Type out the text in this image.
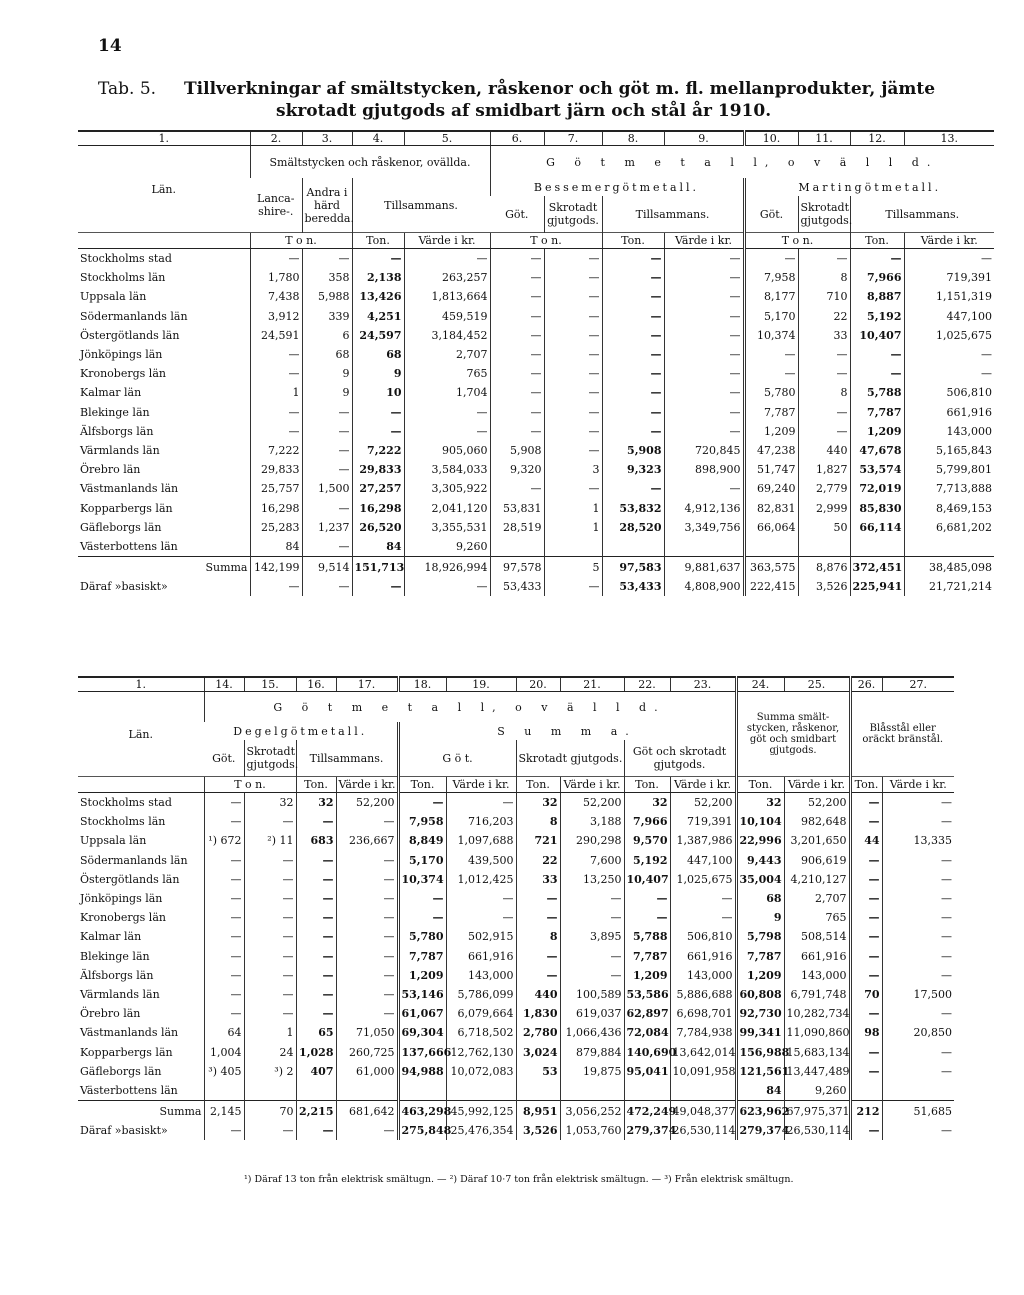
14
Tab. 5. Tillverkningar af smältstycken, råskenor och göt m. fl. mellanprodukter, jämte
skrotadt gjutgods af smidbart järn och stål år 1910.
1.	2.	3.	4.	5.	6.	7.	8.	9.	10.	11.	12.	13.
Län.	Smältstycken och råskenor, ovällda.				G ö t m e t a l l, o v ä l l d.							
	Lanca-shire-.	Andra i härd beredda.	Tillsammans.		Bessemergötmetall.				Martingötmetall.			
					Göt.	Skrotadt gjutgods.	Tillsammans.		Göt.	Skrotadt gjutgods.	Tillsammans.	
	T o n.		Ton.	Värde i kr.	T o n.		Ton.	Värde i kr.	T o n.		Ton.	Värde i kr.
Stockholms stad	—	—	—	—	—	—	—	—	—	—	—	—
Stockholms län	1,780	358	2,138	263,257	—	—	—	—	7,958	8	7,966	719,391
Uppsala län	7,438	5,988	13,426	1,813,664	—	—	—	—	8,177	710	8,887	1,151,319
Södermanlands län	3,912	339	4,251	459,519	—	—	—	—	5,170	22	5,192	447,100
Östergötlands län	24,591	6	24,597	3,184,452	—	—	—	—	10,374	33	10,407	1,025,675
Jönköpings län	—	68	68	2,707	—	—	—	—	—	—	—	—
Kronobergs län	—	9	9	765	—	—	—	—	—	—	—	—
Kalmar län	1	9	10	1,704	—	—	—	—	5,780	8	5,788	506,810
Blekinge län	—	—	—	—	—	—	—	—	7,787	—	7,787	661,916
Älfsborgs län	—	—	—	—	—	—	—	—	1,209	—	1,209	143,000
Värmlands län	7,222	—	7,222	905,060	5,908	—	5,908	720,845	47,238	440	47,678	5,165,843
Örebro län	29,833	—	29,833	3,584,033	9,320	3	9,323	898,900	51,747	1,827	53,574	5,799,801
Västmanlands län	25,757	1,500	27,257	3,305,922	—	—	—	—	69,240	2,779	72,019	7,713,888
Kopparbergs län	16,298	—	16,298	2,041,120	53,831	1	53,832	4,912,136	82,831	2,999	85,830	8,469,153
Gäfleborgs län	25,283	1,237	26,520	3,355,531	28,519	1	28,520	3,349,756	66,064	50	66,114	6,681,202
Västerbottens län	84	—	84	9,260								
Summa	142,199	9,514	151,713	18,926,994	97,578	5	97,583	9,881,637	363,575	8,876	372,451	38,485,098
Däraf »basiskt»	—	—	—	—	53,433	—	53,433	4,808,900	222,415	3,526	225,941	21,721,214
1.	14.	15.	16.	17.	18.	19.	20.	21.	22.	23.	24.	25.	26.	27.
Län.	G ö t m e t a l l, o v ä l l d.										Summa smält-stycken, råskenor, göt och smidbart gjutgods.		Blåsstål eller oräckt bränstål.	
	Degelgötmetall.				S u m m a.									
	Göt.	Skrotadt gjutgods.	Tillsammans.		G ö t.		Skrotadt gjutgods.		Göt och skrotadt gjutgods.					
	T o n.		Ton.	Värde i kr.	Ton.	Värde i kr.	Ton.	Värde i kr.	Ton.	Värde i kr.	Ton.	Värde i kr.	Ton.	Värde i kr.
Stockholms stad	—	32	32	52,200	—	—	32	52,200	32	52,200	32	52,200	—	—
Stockholms län	—	—	—	—	7,958	716,203	8	3,188	7,966	719,391	10,104	982,648	—	—
Uppsala län	¹) 672	²) 11	683	236,667	8,849	1,097,688	721	290,298	9,570	1,387,986	22,996	3,201,650	44	13,335
Södermanlands län	—	—	—	—	5,170	439,500	22	7,600	5,192	447,100	9,443	906,619	—	—
Östergötlands län	—	—	—	—	10,374	1,012,425	33	13,250	10,407	1,025,675	35,004	4,210,127	—	—
Jönköpings län	—	—	—	—	—	—	—	—	—	—	68	2,707	—	—
Kronobergs län	—	—	—	—	—	—	—	—	—	—	9	765	—	—
Kalmar län	—	—	—	—	5,780	502,915	8	3,895	5,788	506,810	5,798	508,514	—	—
Blekinge län	—	—	—	—	7,787	661,916	—	—	7,787	661,916	7,787	661,916	—	—
Älfsborgs län	—	—	—	—	1,209	143,000	—	—	1,209	143,000	1,209	143,000	—	—
Värmlands län	—	—	—	—	53,146	5,786,099	440	100,589	53,586	5,886,688	60,808	6,791,748	70	17,500
Örebro län	—	—	—	—	61,067	6,079,664	1,830	619,037	62,897	6,698,701	92,730	10,282,734	—	—
Västmanlands län	64	1	65	71,050	69,304	6,718,502	2,780	1,066,436	72,084	7,784,938	99,341	11,090,860	98	20,850
Kopparbergs län	1,004	24	1,028	260,725	137,666	12,762,130	3,024	879,884	140,690	13,642,014	156,988	15,683,134	—	—
Gäfleborgs län	³) 405	³) 2	407	61,000	94,988	10,072,083	53	19,875	95,041	10,091,958	121,561	13,447,489	—	—
Västerbottens län											84	9,260		
Summa	2,145	70	2,215	681,642	463,298	45,992,125	8,951	3,056,252	472,249	49,048,377	623,962	67,975,371	212	51,685
Däraf »basiskt»	—	—	—	—	275,848	25,476,354	3,526	1,053,760	279,374	26,530,114	279,374	26,530,114	—	—
¹) Däraf 13 ton från elektrisk smältugn. — ²) Däraf 10·7 ton från elektrisk smältugn. — ³) Från elektrisk smältugn.
